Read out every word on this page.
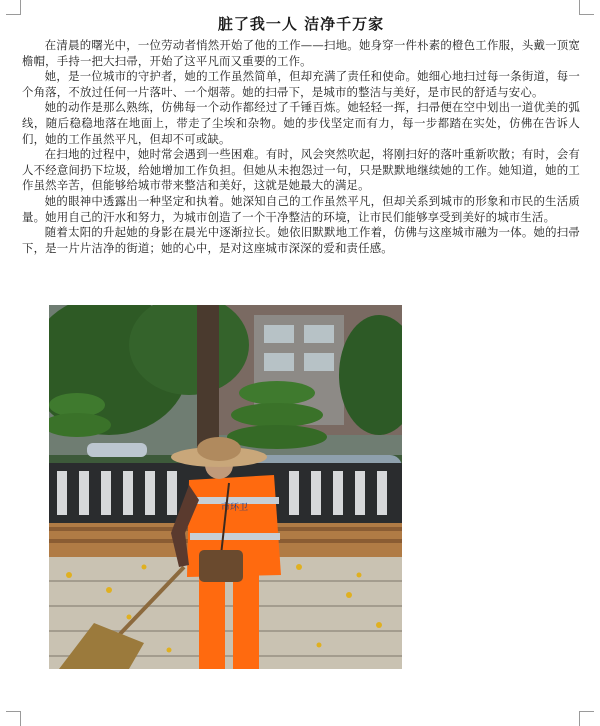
脏了我一人 洁净千万家

在清晨的曙光中，一位劳动者悄然开始了他的工作——扫地。她身穿一件朴素的橙色工作服，头戴一顶宽檐帽，手持一把大扫帚，开始了这平凡而又重要的工作。

她，是一位城市的守护者，她的工作虽然简单，但却充满了责任和使命。她细心地扫过每一条街道，每一个角落，不放过任何一片落叶、一个烟蒂。她的扫帚下，是城市的整洁与美好，是市民的舒适与安心。

她的动作是那么熟练，仿佛每一个动作都经过了千锤百炼。她轻轻一挥，扫帚便在空中划出一道优美的弧线，随后稳稳地落在地面上，带走了尘埃和杂物。她的步伐坚定而有力，每一步都踏在实处，仿佛在告诉人们，她的工作虽然平凡，但却不可或缺。

在扫地的过程中，她时常会遇到一些困难。有时，风会突然吹起，将刚扫好的落叶重新吹散；有时，会有人不经意间扔下垃圾，给她增加工作负担。但她从未抱怨过一句，只是默默地继续她的工作。她知道，她的工作虽然辛苦，但能够给城市带来整洁和美好，这就是她最大的满足。

她的眼神中透露出一种坚定和执着。她深知自己的工作虽然平凡，但却关系到城市的形象和市民的生活质量。她用自己的汗水和努力，为城市创造了一个干净整洁的环境，让市民们能够享受到美好的城市生活。

随着太阳的升起她的身影在晨光中逐渐拉长。她依旧默默地工作着，仿佛与这座城市融为一体。她的扫帚下，是一片片洁净的街道；她的心中，是对这座城市深深的爱和责任感。

市环卫
